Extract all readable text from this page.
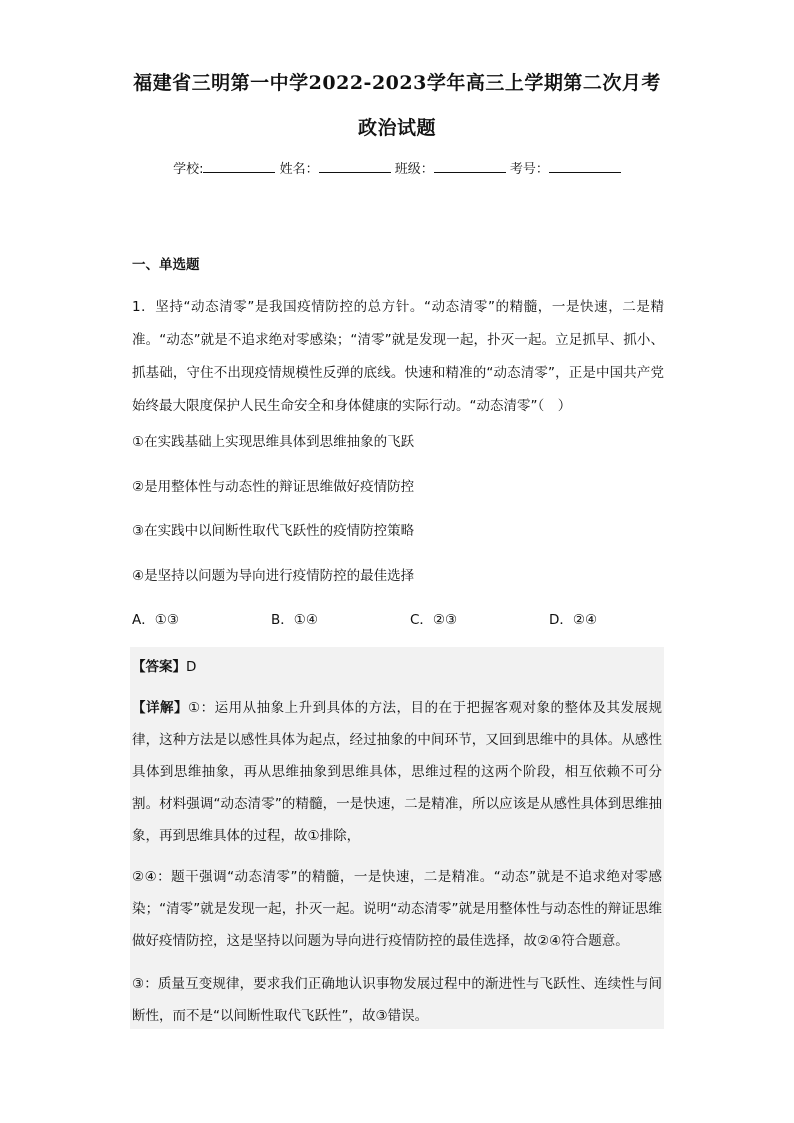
福建省三明第一中学2022-2023学年高三上学期第二次月考
政治试题
学校:	姓名：	班级：	考号：
一、单选题
1．坚持“动态清零”是我国疫情防控的总方针。“动态清零”的精髓，一是快速，二是精准。“动态”就是不追求绝对零感染；“清零”就是发现一起，扑灭一起。立足抓早、抓小、抓基础，守住不出现疫情规模性反弹的底线。快速和精准的“动态清零”，正是中国共产党始终最大限度保护人民生命安全和身体健康的实际行动。“动态清零”（　）
①在实践基础上实现思维具体到思维抽象的飞跃
②是用整体性与动态性的辩证思维做好疫情防控
③在实践中以间断性取代飞跃性的疫情防控策略
④是坚持以问题为导向进行疫情防控的最佳选择
A．①③	B．①④	C．②③	D．②④
【答案】D
【详解】①：运用从抽象上升到具体的方法，目的在于把握客观对象的整体及其发展规律，这种方法是以感性具体为起点，经过抽象的中间环节，又回到思维中的具体。从感性具体到思维抽象，再从思维抽象到思维具体，思维过程的这两个阶段，相互依赖不可分割。材料强调“动态清零”的精髓，一是快速，二是精准，所以应该是从感性具体到思维抽象，再到思维具体的过程，故①排除，
②④：题干强调“动态清零”的精髓，一是快速，二是精准。“动态”就是不追求绝对零感染；“清零”就是发现一起，扑灭一起。说明“动态清零”就是用整体性与动态性的辩证思维做好疫情防控，这是坚持以问题为导向进行疫情防控的最佳选择，故②④符合题意。
③：质量互变规律，要求我们正确地认识事物发展过程中的渐进性与飞跃性、连续性与间断性，而不是“以间断性取代飞跃性”，故③错误。
